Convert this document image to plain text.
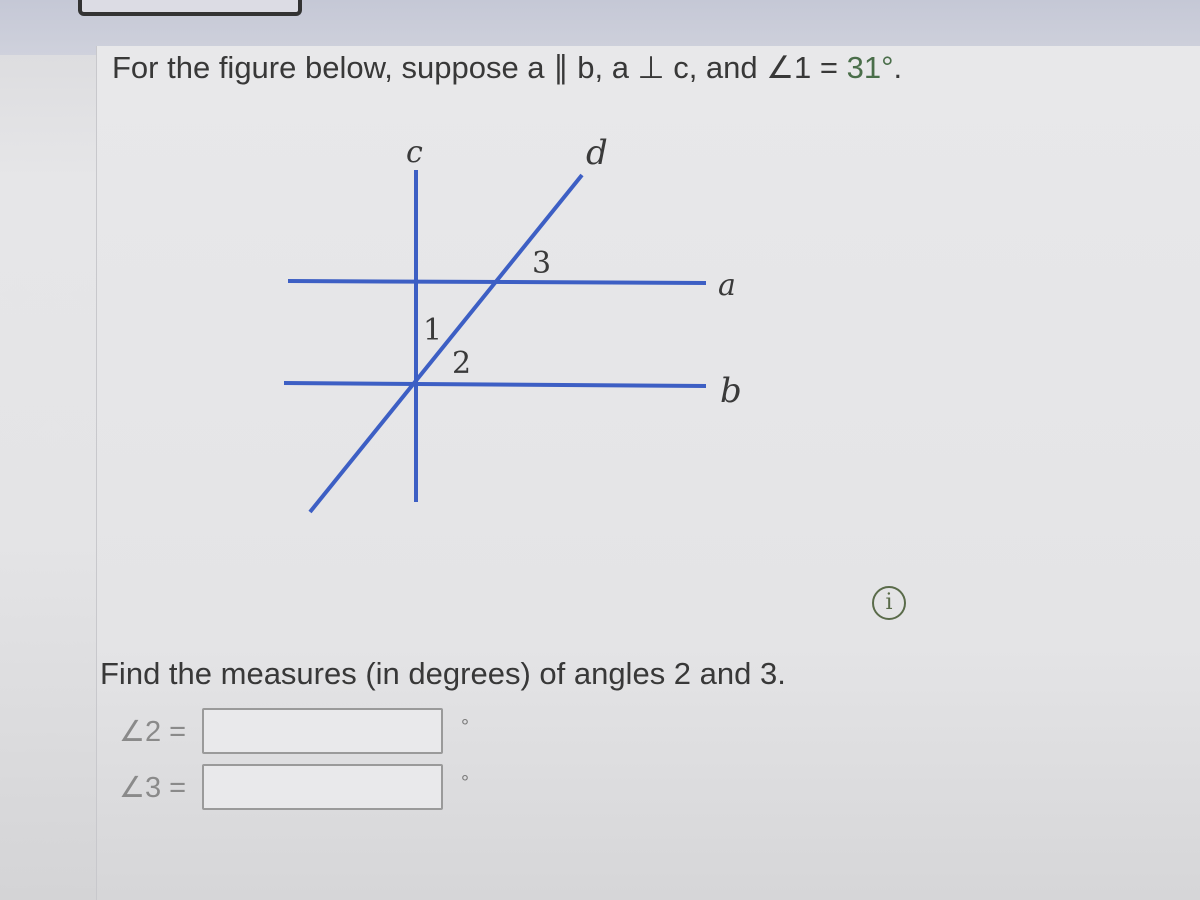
For the figure below, suppose a ∥ b, a ⊥ c, and ∠1 = 31°.
c	d
a
b
1
2
3
i
Find the measures (in degrees) of angles 2 and 3.
∠2 =	°
∠3 =	°
